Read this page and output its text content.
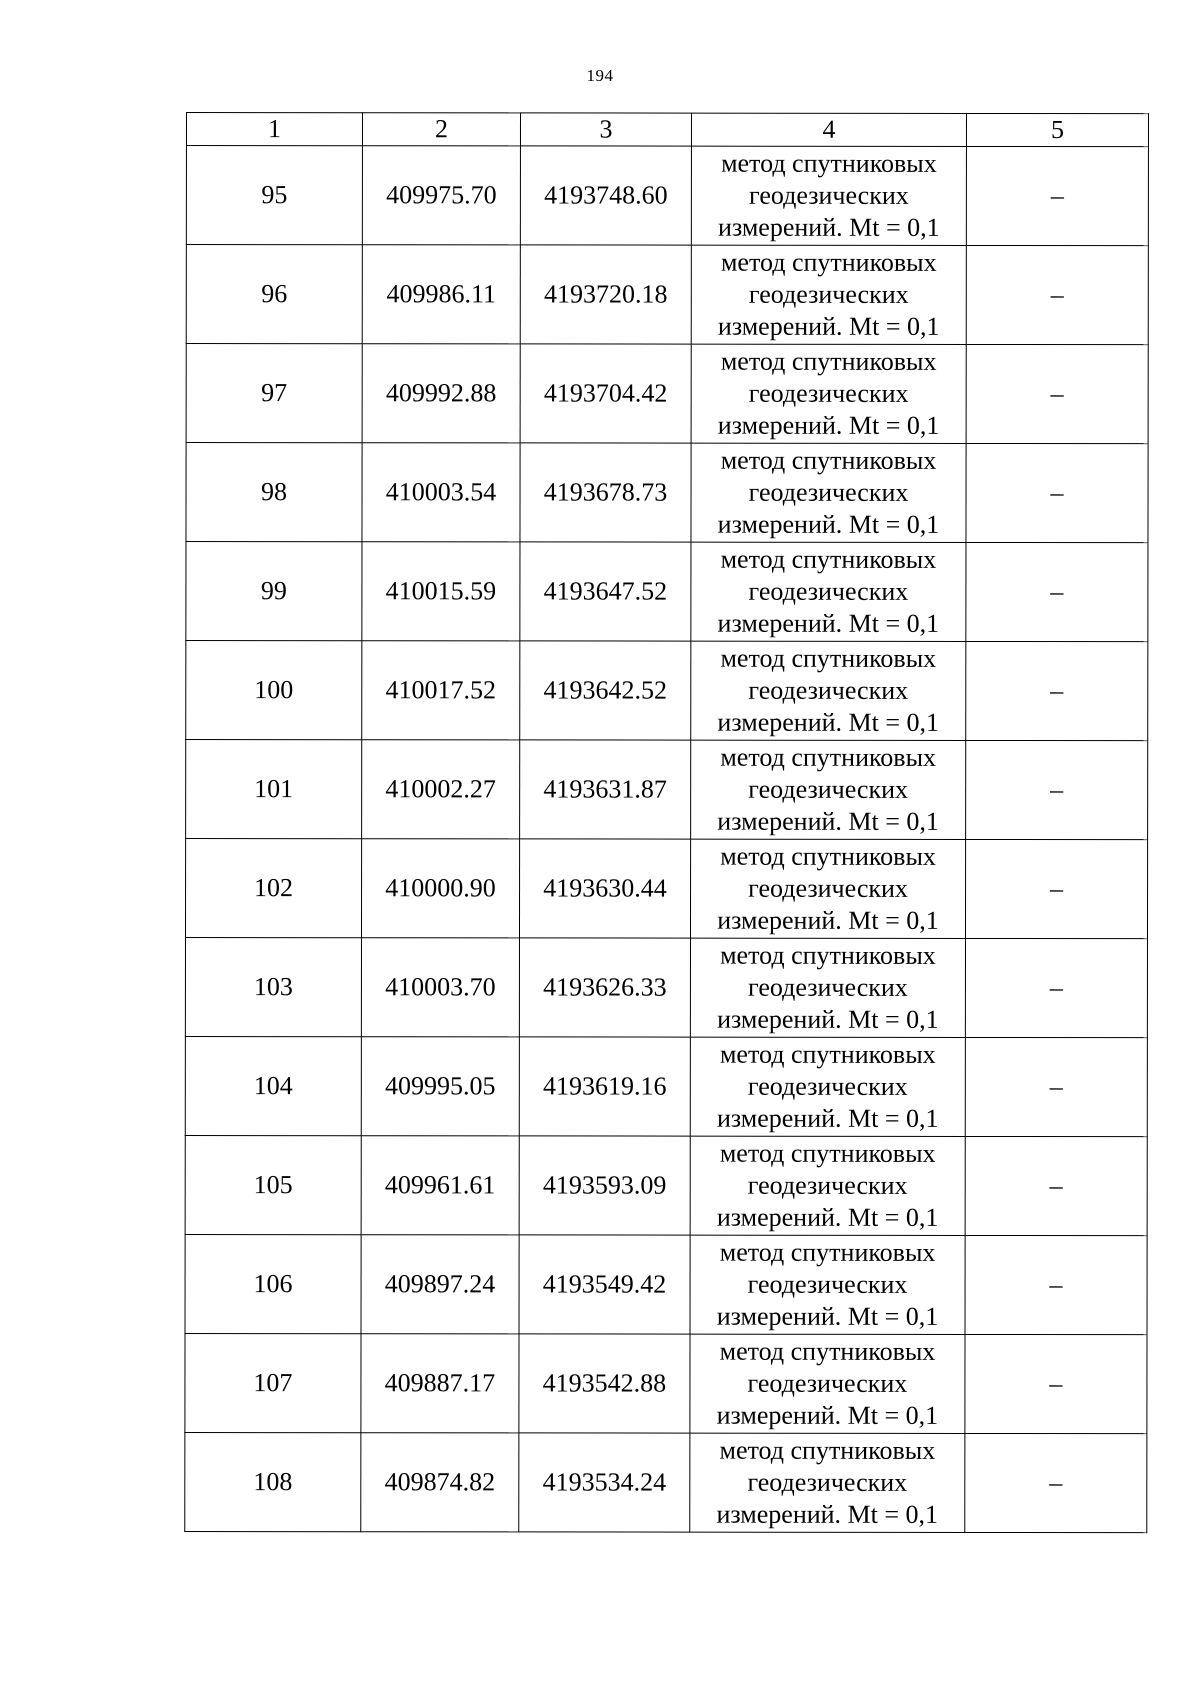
194
1	2	3	4	5
95	409975.70	4193748.60	метод спутниковых
геодезических
измерений. Mt = 0,1	–
96	409986.11	4193720.18	метод спутниковых
геодезических
измерений. Mt = 0,1	–
97	409992.88	4193704.42	метод спутниковых
геодезических
измерений. Mt = 0,1	–
98	410003.54	4193678.73	метод спутниковых
геодезических
измерений. Mt = 0,1	–
99	410015.59	4193647.52	метод спутниковых
геодезических
измерений. Mt = 0,1	–
100	410017.52	4193642.52	метод спутниковых
геодезических
измерений. Mt = 0,1	–
101	410002.27	4193631.87	метод спутниковых
геодезических
измерений. Mt = 0,1	–
102	410000.90	4193630.44	метод спутниковых
геодезических
измерений. Mt = 0,1	–
103	410003.70	4193626.33	метод спутниковых
геодезических
измерений. Mt = 0,1	–
104	409995.05	4193619.16	метод спутниковых
геодезических
измерений. Mt = 0,1	–
105	409961.61	4193593.09	метод спутниковых
геодезических
измерений. Mt = 0,1	–
106	409897.24	4193549.42	метод спутниковых
геодезических
измерений. Mt = 0,1	–
107	409887.17	4193542.88	метод спутниковых
геодезических
измерений. Mt = 0,1	–
108	409874.82	4193534.24	метод спутниковых
геодезических
измерений. Mt = 0,1	–
